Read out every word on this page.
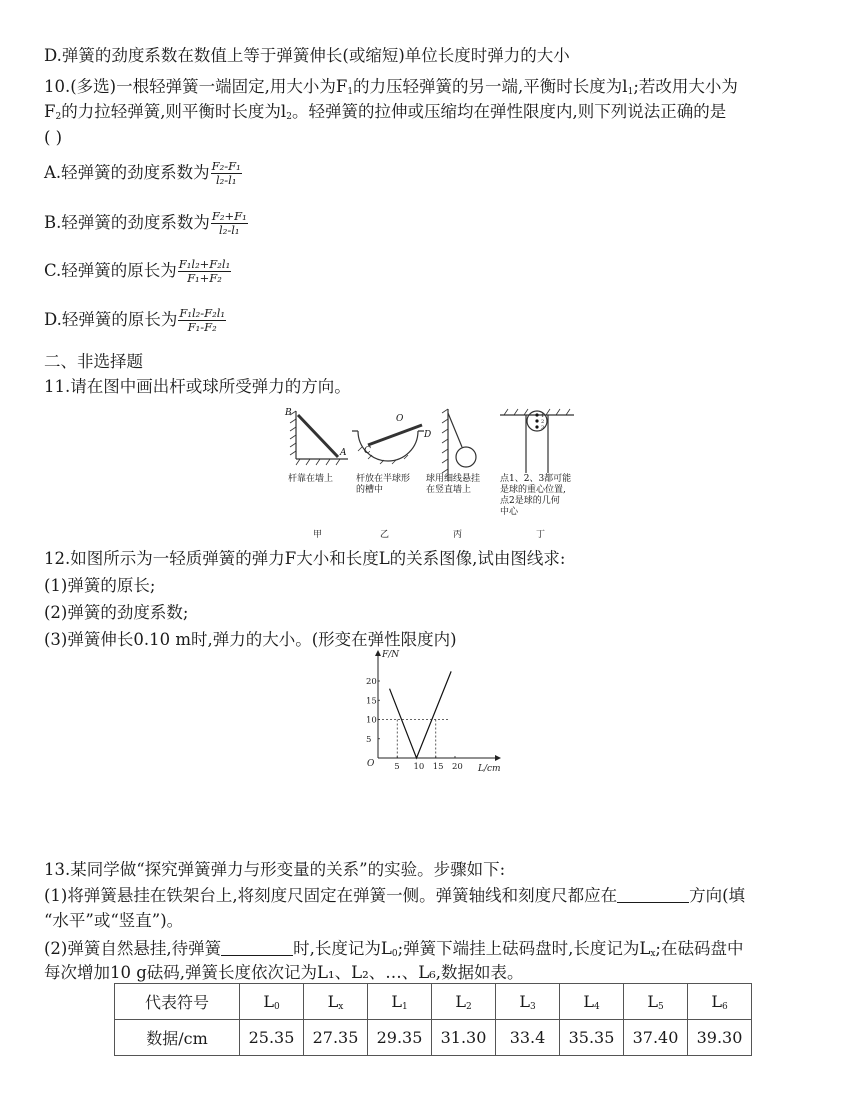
D.弹簧的劲度系数在数值上等于弹簧伸长(或缩短)单位长度时弹力的大小
10.(多选)一根轻弹簧一端固定,用大小为$F_1$的力压轻弹簧的另一端,平衡时长度为$l_1$;若改用大小为
$F_2$的力拉轻弹簧,则平衡时长度为$l_2$。轻弹簧的拉伸或压缩均在弹性限度内,则下列说法正确的是
( )
A.轻弹簧的劲度系数为 $\frac{\text{F₂-F₁}}{\text{l₂-l₁}}$
B.轻弹簧的劲度系数为 $\frac{\text{F₂+F₁}}{\text{l₂-l₁}}$
C.轻弹簧的原长为 $\frac{\text{F₁l₂+F₂l₁}}{\text{F₁+F₂}}$
D.轻弹簧的原长为 $\frac{\text{F₁l₂-F₂l₁}}{\text{F₁-F₂}}$
二、非选择题
11.请在图中画出杆或球所受弹力的方向。
B
A
O
C
D
1
2
3
杆靠在墙上	杆放在半球形
的槽中
球用细线悬挂
在竖直墙上
点1、2、3都可能
是球的重心位置,
点2是球的几何
中心
甲	乙	丙	丁
12.如图所示为一轻质弹簧的弹力F大小和长度L的关系图像,试由图线求:
(1)弹簧的原长;
(2)弹簧的劲度系数;
(3)弹簧伸长0.10 m时,弹力的大小。(形变在弹性限度内)
F/N
L/cm
O 5 10 15 20
5
10
15
20
13.某同学做“探究弹簧弹力与形变量的关系”的实验。步骤如下:
(1)将弹簧悬挂在铁架台上,将刻度尺固定在弹簧一侧。弹簧轴线和刻度尺都应在	方向(填
“水平”或“竖直”)。
(2)弹簧自然悬挂,待弹簧	时,长度记为$L_0$;弹簧下端挂上砝码盘时,长度记为$L_x$;在砝码盘中
每次增加10 g砝码,弹簧长度依次记为L₁、L₂、…、L₆,数据如表。
代表符号	$L_0$	$L_x$	$L_1$	$L_2$	$L_3$	$L_4$	$L_5$	$L_6$
数据/cm	25.35	27.35	29.35	31.30	33.4	35.35	37.40	39.30
